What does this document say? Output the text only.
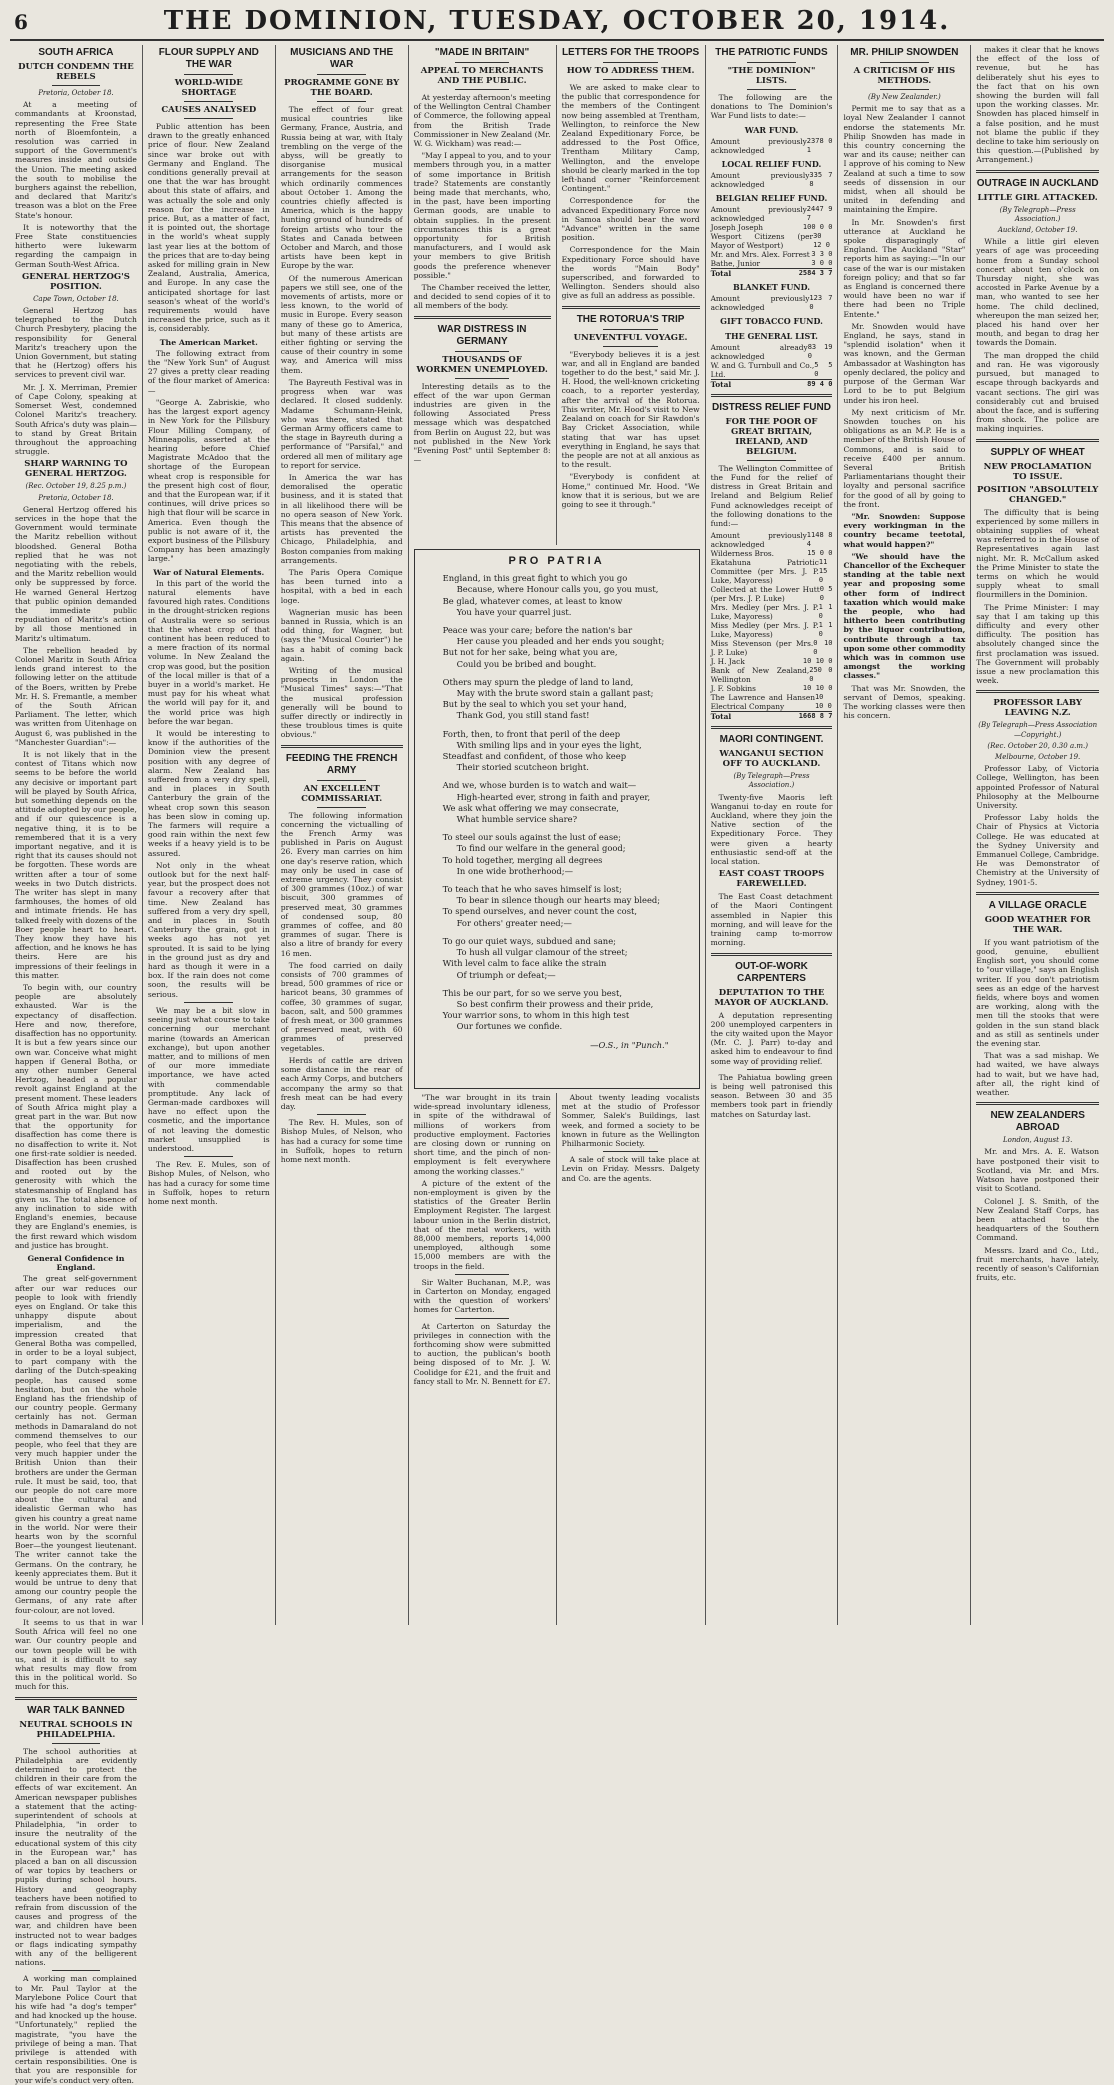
6	THE DOMINION, TUESDAY, OCTOBER 20, 1914.
SOUTH AFRICA
DUTCH CONDEMN THE REBELS
Pretoria, October 18.

At a meeting of commandants at Kroonstad, representing the Free State north of Bloemfontein, a resolution was carried in support of the Government's measures inside and outside the Union. The meeting asked the south to mobilise the burghers against the rebellion, and declared that Maritz's treason was a blot on the Free State's honour.

It is noteworthy that the Free State constituencies hitherto were lukewarm regarding the campaign in German South-West Africa.

GENERAL HERTZOG'S POSITION.
Cape Town, October 18.

General Hertzog has telegraphed to the Dutch Church Presbytery, placing the responsibility for General Maritz's treachery upon the Union Government, but stating that he (Hertzog) offers his services to prevent civil war.

Mr. J. X. Merriman, Premier of Cape Colony, speaking at Somerset West, condemned Colonel Maritz's treachery. South Africa's duty was plain—to stand by Great Britain throughout the approaching struggle.

SHARP WARNING TO GENERAL HERTZOG.
(Rec. October 19, 8.25 p.m.)
Pretoria, October 18.

General Hertzog offered his services in the hope that the Government would terminate the Maritz rebellion without bloodshed. General Botha replied that he was not negotiating with the rebels, and the Maritz rebellion would only be suppressed by force. He warned General Hertzog that public opinion demanded the immediate public repudiation of Maritz's action by all those mentioned in Maritz's ultimatum.

The rebellion headed by Colonel Maritz in South Africa lends grand interest to the following letter on the attitude of the Boers, written by Prebe Mr. H. S. Fremantle, a member of the South African Parliament. The letter, which was written from Uitenhage on August 6, was published in the "Manchester Guardian":—

It is not likely that in the contest of Titans which now seems to be before the world any decisive or important part will be played by South Africa, but something depends on the attitude adopted by our people, and if our quiescence is a negative thing, it is to be remembered that it is a very important negative, and it is right that its causes should not be forgotten. These words are written after a tour of some weeks in two Dutch districts. The writer has slept in many farmhouses, the homes of old and intimate friends. He has talked freely with dozens of the Boer people heart to heart. They know they have his affection, and he knows he has theirs. Here are his impressions of their feelings in this matter.

To begin with, our country people are absolutely exhausted. War is the expectancy of disaffection. Here and now, therefore, disaffection has no opportunity. It is but a few years since our own war. Conceive what might happen if General Botha, or any other number General Hertzog, headed a popular revolt against England at the present moment. These leaders of South Africa might play a great part in the war. But now that the opportunity for disaffection has come there is no disaffection to write it. Not one first-rate soldier is needed. Disaffection has been crushed and rooted out by the generosity with which the statesmanship of England has given us. The total absence of any inclination to side with England's enemies, because they are England's enemies, is the first reward which wisdom and justice has brought.

General Confidence in England.

The great self-government after our war reduces our people to look with friendly eyes on England. Or take this unhappy dispute about imperialism, and the impression created that General Botha was compelled, in order to be a loyal subject, to part company with the darling of the Dutch-speaking people, has caused some hesitation, but on the whole England has the friendship of our country people. Germany certainly has not. German methods in Damaraland do not commend themselves to our people, who feel that they are very much happier under the British Union than their brothers are under the German rule. It must be said, too, that our people do not care more about the cultural and idealistic German who has given his country a great name in the world. Nor were their hearts won by the scornful Boer—the youngest lieutenant. The writer cannot take the Germans. On the contrary, he keenly appreciates them. But it would be untrue to deny that among our country people the Germans, of any rate after four-colour, are not loved.

It seems to us that in war South Africa will feel no one war. Our country people and our town people will be with us, and it is difficult to say what results may flow from this in the political world. So much for this.

WAR TALK BANNED
NEUTRAL SCHOOLS IN PHILADELPHIA.

The school authorities at Philadelphia are evidently determined to protect the children in their care from the effects of war excitement. An American newspaper publishes a statement that the acting-superintendent of schools at Philadelphia, "in order to insure the neutrality of the educational system of this city in the European war," has placed a ban on all discussion of war topics by teachers or pupils during school hours. History and geography teachers have been notified to refrain from discussion of the causes and progress of the war, and children have been instructed not to wear badges or flags indicating sympathy with any of the belligerent nations.

A working man complained to Mr. Paul Taylor at the Marylebone Police Court that his wife had "a dog's temper" and had knocked up the house. "Unfortunately," replied the magistrate, "you have the privilege of being a man. That privilege is attended with certain responsibilities. One is that you are responsible for your wife's conduct very often.

FLOUR SUPPLY AND THE WAR
WORLD-WIDE SHORTAGE
CAUSES ANALYSED

Public attention has been drawn to the greatly enhanced price of flour. New Zealand since war broke out with Germany and England. The conditions generally prevail at one that the war has brought about this state of affairs, and was actually the sole and only reason for the increase in price. But, as a matter of fact, it is pointed out, the shortage in the world's wheat supply last year lies at the bottom of the prices that are to-day being asked for milling grain in New Zealand, Australia, America, and Europe. In any case the anticipated shortage for last season's wheat of the world's requirements would have increased the price, such as it is, considerably.

The American Market.

The following extract from the "New York Sun" of August 27 gives a pretty clear reading of the flour market of America:—

"George A. Zabriskie, who has the largest export agency in New York for the Pillsbury Flour Milling Company, of Minneapolis, asserted at the hearing before Chief Magistrate McAdoo that the shortage of the European wheat crop is responsible for the present high cost of flour, and that the European war, if it continues, will drive prices so high that flour will be scarce in America. Even though the public is not aware of it, the export business of the Pillsbury Company has been amazingly large."

War of Natural Elements.

In this part of the world the natural elements have favoured high rates. Conditions in the drought-stricken regions of Australia were so serious that the wheat crop of that continent has been reduced to a mere fraction of its normal volume. In New Zealand the crop was good, but the position of the local miller is that of a buyer in a world's market. He must pay for his wheat what the world will pay for it, and the world price was high before the war began.

It would be interesting to know if the authorities of the Dominion view the present position with any degree of alarm. New Zealand has suffered from a very dry spell, and in places in South Canterbury the grain of the wheat crop sown this season has been slow in coming up. The farmers will require a good rain within the next few weeks if a heavy yield is to be assured.

Not only in the wheat outlook but for the next half-year, but the prospect does not favour a recovery after that time. New Zealand has suffered from a very dry spell, and in places in South Canterbury the grain, got in weeks ago has not yet sprouted. It is said to be lying in the ground just as dry and hard as though it were in a box. If the rain does not come soon, the results will be serious.

We may be a bit slow in seeing just what course to take concerning our merchant marine (towards an American exchange), but upon another matter, and to millions of men of our more immediate importance, we have acted with commendable promptitude. Any lack of German-made cardboxes will have no effect upon the cosmetic, and the importance of not leaving the domestic market unsupplied is understood.

The Rev. E. Mules, son of Bishop Mules, of Nelson, who has had a curacy for some time in Suffolk, hopes to return home next month.

MUSICIANS AND THE WAR
PROGRAMME GONE BY THE BOARD.

The effect of four great musical countries like Germany, France, Austria, and Russia being at war, with Italy trembling on the verge of the abyss, will be greatly to disorganise musical arrangements for the season which ordinarily commences about October 1. Among the countries chiefly affected is America, which is the happy hunting ground of hundreds of foreign artists who tour the States and Canada between October and March, and those artists have been kept in Europe by the war.

Of the numerous American papers we still see, one of the movements of artists, more or less known, to the world of music in Europe. Every season many of these go to America, but many of these artists are either fighting or serving the cause of their country in some way, and America will miss them.

The Bayreuth Festival was in progress when war was declared. It closed suddenly. Madame Schumann-Heink, who was there, stated that German Army officers came to the stage in Bayreuth during a performance of "Parsifal," and ordered all men of military age to report for service.

In America the war has demoralised the operatic business, and it is stated that in all likelihood there will be no opera season of New York. This means that the absence of artists has prevented the Chicago, Philadelphia, and Boston companies from making arrangements.

The Paris Opera Comique has been turned into a hospital, with a bed in each loge.

Wagnerian music has been banned in Russia, which is an odd thing, for Wagner, but (says the "Musical Courier") he has a habit of coming back again.

Writing of the musical prospects in London the "Musical Times" says:—"That the musical profession generally will be bound to suffer directly or indirectly in these troublous times is quite obvious."

FEEDING THE FRENCH ARMY
AN EXCELLENT COMMISSARIAT.

The following information concerning the victualling of the French Army was published in Paris on August 26. Every man carries on him one day's reserve ration, which may only be used in case of extreme urgency. They consist of 300 grammes (10oz.) of war biscuit, 300 grammes of preserved meat, 30 grammes of condensed soup, 80 grammes of coffee, and 80 grammes of sugar. There is also a litre of brandy for every 16 men.

The food carried on daily consists of 700 grammes of bread, 500 grammes of rice or haricot beans, 30 grammes of coffee, 30 grammes of sugar, bacon, salt, and 500 grammes of fresh meat, or 300 grammes of preserved meat, with 60 grammes of preserved vegetables.

Herds of cattle are driven some distance in the rear of each Army Corps, and butchers accompany the army so that fresh meat can be had every day.

The Rev. H. Mules, son of Bishop Mules, of Nelson, who has had a curacy for some time in Suffolk, hopes to return home next month.

"MADE IN BRITAIN"
APPEAL TO MERCHANTS AND THE PUBLIC.

At yesterday afternoon's meeting of the Wellington Central Chamber of Commerce, the following appeal from the British Trade Commissioner in New Zealand (Mr. W. G. Wickham) was read:—

"May I appeal to you, and to your members through you, in a matter of some importance in British trade? Statements are constantly being made that merchants, who, in the past, have been importing German goods, are unable to obtain supplies. In the present circumstances this is a great opportunity for British manufacturers, and I would ask your members to give British goods the preference whenever possible."

The Chamber received the letter, and decided to send copies of it to all members of the body.

WAR DISTRESS IN GERMANY
THOUSANDS OF WORKMEN UNEMPLOYED.

Interesting details as to the effect of the war upon German industries are given in the following Associated Press message which was despatched from Berlin on August 22, but was not published in the New York "Evening Post" until September 8:—

LETTERS FOR THE TROOPS
HOW TO ADDRESS THEM.

We are asked to make clear to the public that correspondence for the members of the Contingent now being assembled at Trentham, Wellington, to reinforce the New Zealand Expeditionary Force, be addressed to the Post Office, Trentham Military Camp, Wellington, and the envelope should be clearly marked in the top left-hand corner "Reinforcement Contingent."

Correspondence for the advanced Expeditionary Force now in Samoa should bear the word "Advance" written in the same position.

Correspondence for the Main Expeditionary Force should have the words "Main Body" superscribed, and forwarded to Wellington. Senders should also give as full an address as possible.

THE ROTORUA'S TRIP
UNEVENTFUL VOYAGE.

"Everybody believes it is a jest war, and all in England are banded together to do the best," said Mr. J. H. Hood, the well-known cricketing coach, to a reporter yesterday, after the arrival of the Rotorua. This writer, Mr. Hood's visit to New Zealand on coach for Sir Rawdon's Bay Cricket Association, while stating that war has upset everything in England, he says that the people are not at all anxious as to the result.

"Everybody is confident at Home," continued Mr. Hood. "We know that it is serious, but we are going to see it through."

PRO PATRIA
England, in this great fight to which you go
Because, where Honour calls you, go you must,
Be glad, whatever comes, at least to know
You have your quarrel just.
Peace was your care; before the nation's bar
Her cause you pleaded and her ends you sought;
But not for her sake, being what you are,
Could you be bribed and bought.
Others may spurn the pledge of land to land,
May with the brute sword stain a gallant past;
But by the seal to which you set your hand,
Thank God, you still stand fast!
Forth, then, to front that peril of the deep
With smiling lips and in your eyes the light,
Steadfast and confident, of those who keep
Their storied scutcheon bright.
And we, whose burden is to watch and wait—
High-hearted ever, strong in faith and prayer,
We ask what offering we may consecrate,
What humble service share?
To steel our souls against the lust of ease;
To find our welfare in the general good;
To hold together, merging all degrees
In one wide brotherhood;—
To teach that he who saves himself is lost;
To bear in silence though our hearts may bleed;
To spend ourselves, and never count the cost,
For others' greater need;—
To go our quiet ways, subdued and sane;
To hush all vulgar clamour of the street;
With level calm to face alike the strain
Of triumph or defeat;—
This be our part, for so we serve you best,
So best confirm their prowess and their pride,
Your warrior sons, to whom in this high test
Our fortunes we confide.
—O.S., in "Punch."

"The war brought in its train wide-spread involuntary idleness, in spite of the withdrawal of millions of workers from productive employment. Factories are closing down or running on short time, and the pinch of non-employment is felt everywhere among the working classes."

A picture of the extent of the non-employment is given by the statistics of the Greater Berlin Employment Register. The largest labour union in the Berlin district, that of the metal workers, with 88,000 members, reports 14,000 unemployed, although some 15,000 members are with the troops in the field.

Sir Walter Buchanan, M.P., was in Carterton on Monday, engaged with the question of workers' homes for Carterton.

At Carterton on Saturday the privileges in connection with the forthcoming show were submitted to auction, the publican's booth being disposed of to Mr. J. W. Coolidge for £21, and the fruit and fancy stall to Mr. N. Bennett for £7.

About twenty leading vocalists met at the studio of Professor Sommer, Salek's Buildings, last week, and formed a society to be known in future as the Wellington Philharmonic Society.

A sale of stock will take place at Levin on Friday. Messrs. Dalgety and Co. are the agents.

THE PATRIOTIC FUNDS
"THE DOMINION" LISTS.

The following are the donations to The Dominion's War Fund lists to date:—

WAR FUND.
Amount previously acknowledged
2378 0 1
LOCAL RELIEF FUND.
Amount previously acknowledged
335 7 8
BELGIAN RELIEF FUND.
Amount previously acknowledged
2447 9 7
Joseph Joseph	100 0 0
Wesport Citizens (per Mayor of Westport)
30 12 0
Mr. and Mrs. Alex. Forrest 3 3 0
Bathe, Junior	3 0 0
Total	2584 3 7
BLANKET FUND.
Amount previously acknowledged
123 7 0
GIFT TOBACCO FUND.
THE GENERAL LIST.
Amount already acknowledged
83 19 0
W. and G. Turnbull and Co., Ltd.
5 5 0
Total	89 4 0
DISTRESS RELIEF FUND
FOR THE POOR OF GREAT BRITAIN, IRELAND, AND BELGIUM.

The Wellington Committee of the Fund for the relief of distress in Great Britain and Ireland and Belgium Relief Fund acknowledges receipt of the following donations to the fund:—

Amount previously acknowledged
1148 8 4
Wilderness Bros.	15 0 0
Ekatahuna Patriotic Committee (per Mrs. J. P. Luke, Mayoress)
11 15 0
Collected at the Lower Hutt (per Mrs. J. P. Luke)
0 5 0
Mrs. Medley (per Mrs. J. P. Luke, Mayoress)
1 1 0
Miss Medley (per Mrs. J. P. Luke, Mayoress)
1 1 0
Miss Stevenson (per Mrs. J. P. Luke)
0 10 0
J. H. Jack	10 10 0
Bank of New Zealand, Wellington
250 0 0
J. F. Sobkins	10 10 0
The Lawrence and Hansen Electrical Company
10 10 0
Total	1668 8 7
MAORI CONTINGENT.
WANGANUI SECTION OFF TO AUCKLAND.
(By Telegraph—Press Association.)

Twenty-five Maoris left Wanganui to-day en route for Auckland, where they join the Native section of the Expeditionary Force. They were given a hearty enthusiastic send-off at the local station.

EAST COAST TROOPS FAREWELLED.

The East Coast detachment of the Maori Contingent assembled in Napier this morning, and will leave for the training camp to-morrow morning.

OUT-OF-WORK CARPENTERS
DEPUTATION TO THE MAYOR OF AUCKLAND.

A deputation representing 200 unemployed carpenters in the city waited upon the Mayor (Mr. C. J. Parr) to-day and asked him to endeavour to find some way of providing relief.

The Pahiatua bowling green is being well patronised this season. Between 30 and 35 members took part in friendly matches on Saturday last.

MR. PHILIP SNOWDEN
A CRITICISM OF HIS METHODS.
(By New Zealander.)

Permit me to say that as a loyal New Zealander I cannot endorse the statements Mr. Philip Snowden has made in this country concerning the war and its cause; neither can I approve of his coming to New Zealand at such a time to sow seeds of dissension in our midst, when all should be united in defending and maintaining the Empire.

In Mr. Snowden's first utterance at Auckland he spoke disparagingly of England. The Auckland "Star" reports him as saying:—"In our case of the war is our mistaken foreign policy; and that so far as England is concerned there would have been no war if there had been no Triple Entente."

Mr. Snowden would have England, he says, stand in "splendid isolation" when it was known, and the German Ambassador at Washington has openly declared, the policy and purpose of the German War Lord to be to put Belgium under his iron heel.

My next criticism of Mr. Snowden touches on his obligations as an M.P. He is a member of the British House of Commons, and is said to receive £400 per annum. Several British Parliamentarians thought their loyalty and personal sacrifice for the good of all by going to the front.

"Mr. Snowden: Suppose every workingman in the country became teetotal, what would happen?"

"We should have the Chancellor of the Exchequer standing at the table next year and proposing some other form of indirect taxation which would make the people, who had hitherto been contributing by the liquor contribution, contribute through a tax upon some other commodity which was in common use amongst the working classes."

That was Mr. Snowden, the servant of Demos, speaking. The working classes were then his concern.

makes it clear that he knows the effect of the loss of revenue, but he has deliberately shut his eyes to the fact that on his own showing the burden will fall upon the working classes. Mr. Snowden has placed himself in a false position, and he must not blame the public if they decline to take him seriously on this question.—(Published by Arrangement.)

OUTRAGE IN AUCKLAND
LITTLE GIRL ATTACKED.
(By Telegraph—Press Association.)
Auckland, October 19.

While a little girl eleven years of age was proceeding home from a Sunday school concert about ten o'clock on Thursday night, she was accosted in Parke Avenue by a man, who wanted to see her home. The child declined, whereupon the man seized her, placed his hand over her mouth, and began to drag her towards the Domain.

The man dropped the child and ran. He was vigorously pursued, but managed to escape through backyards and vacant sections. The girl was considerably cut and bruised about the face, and is suffering from shock. The police are making inquiries.

SUPPLY OF WHEAT
NEW PROCLAMATION TO ISSUE.
POSITION "ABSOLUTELY CHANGED."

The difficulty that is being experienced by some millers in obtaining supplies of wheat was referred to in the House of Representatives again last night. Mr. R. McCallum asked the Prime Minister to state the terms on which he would supply wheat to small flourmillers in the Dominion.

The Prime Minister: I may say that I am taking up this difficulty and every other difficulty. The position has absolutely changed since the first proclamation was issued. The Government will probably issue a new proclamation this week.

PROFESSOR LABY LEAVING N.Z.
(By Telegraph—Press Association—Copyright.)
(Rec. October 20, 0.30 a.m.)
Melbourne, October 19.

Professor Laby, of Victoria College, Wellington, has been appointed Professor of Natural Philosophy at the Melbourne University.

Professor Laby holds the Chair of Physics at Victoria College. He was educated at the Sydney University and Emmanuel College, Cambridge. He was Demonstrator of Chemistry at the University of Sydney, 1901-5.

A VILLAGE ORACLE
GOOD WEATHER FOR THE WAR.

If you want patriotism of the good, genuine, ebullient English sort, you should come to "our village," says an English writer. If you don't patriotism sees as an edge of the harvest fields, where boys and women are working, along with the men till the stooks that were golden in the sun stand black and as still as sentinels under the evening star.

That was a sad mishap. We had waited, we have always had to wait, but we have had, after all, the right kind of weather.

NEW ZEALANDERS ABROAD
London, August 13.

Mr. and Mrs. A. E. Watson have postponed their visit to Scotland, via Mr. and Mrs. Watson have postponed their visit to Scotland.

Colonel J. S. Smith, of the New Zealand Staff Corps, has been attached to the headquarters of the Southern Command.

Messrs. Izard and Co., Ltd., fruit merchants, have lately, recently of season's Californian fruits, etc.
